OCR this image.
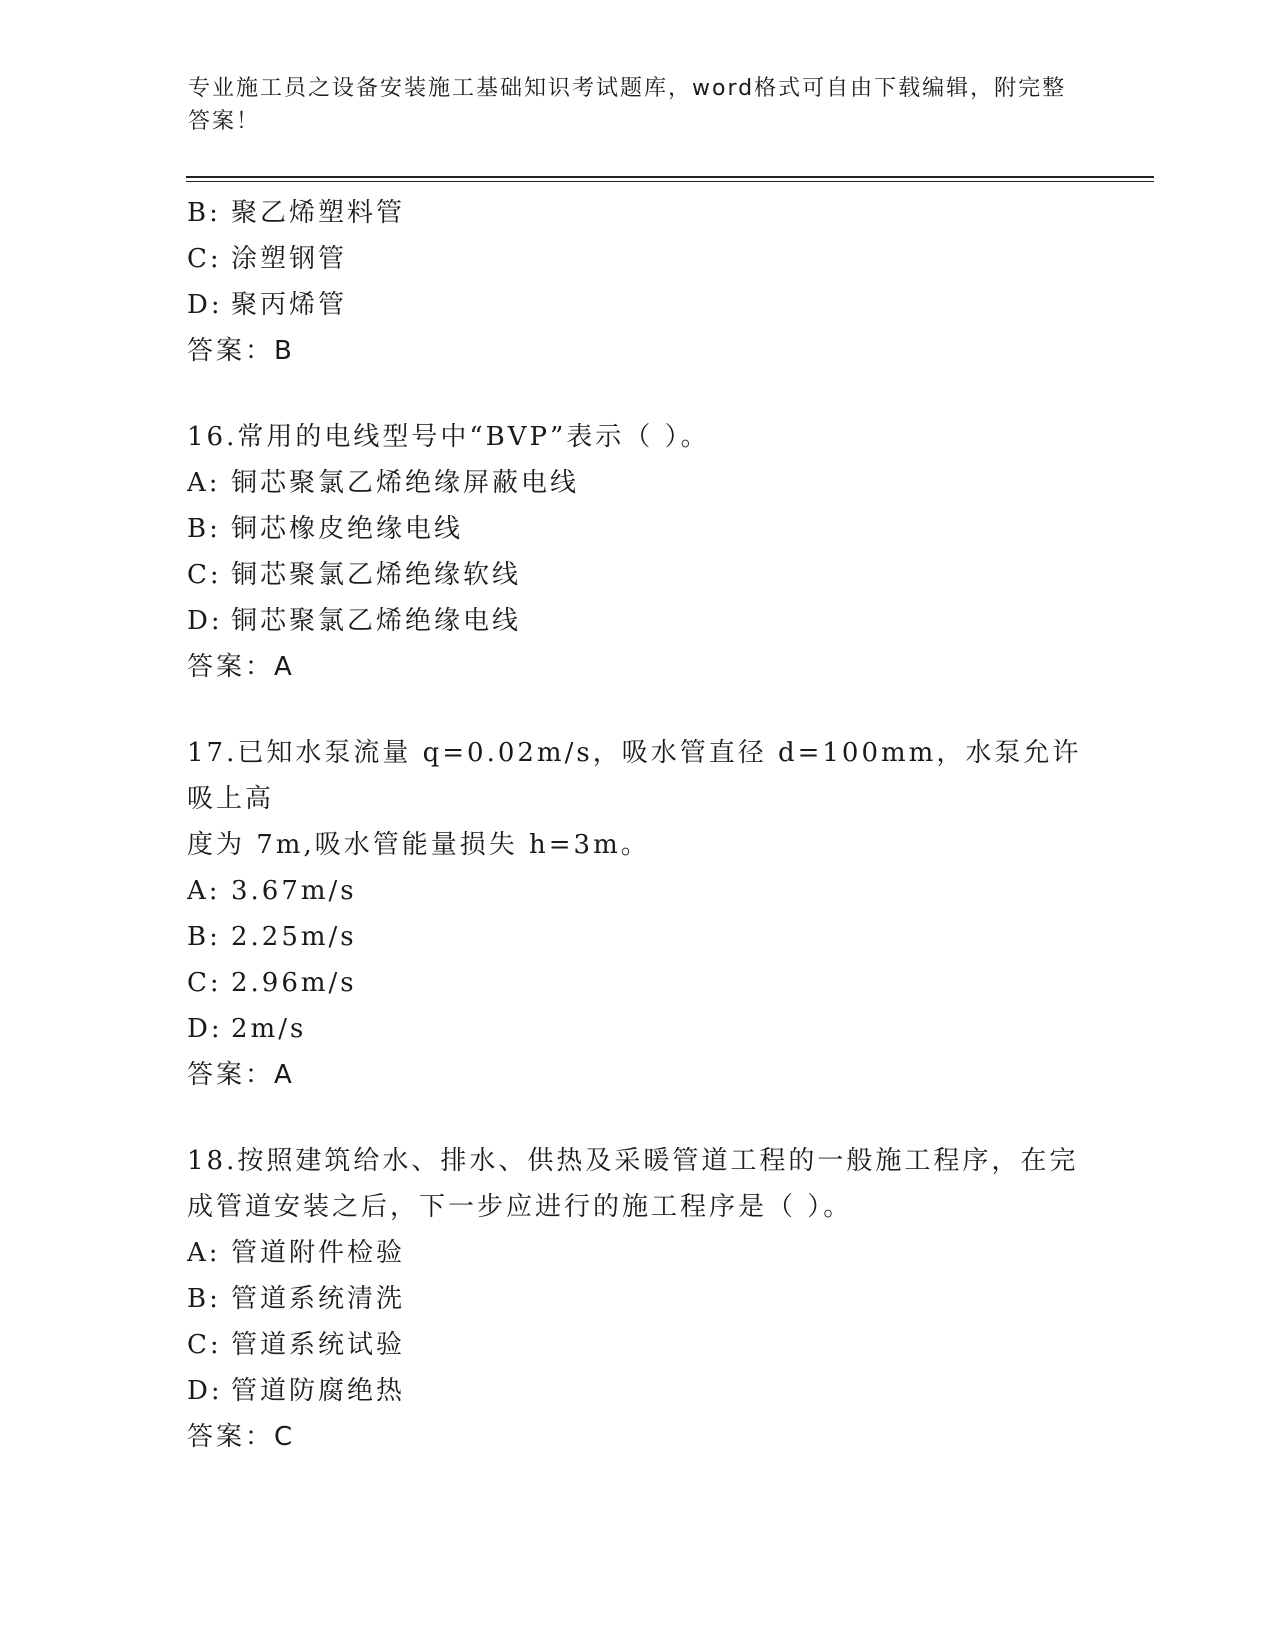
专业施工员之设备安装施工基础知识考试题库，word格式可自由下载编辑，附完整答案！
B: 聚乙烯塑料管
C: 涂塑钢管
D: 聚丙烯管
答案：B
16.常用的电线型号中“BVP”表示（ ）。
A: 铜芯聚氯乙烯绝缘屏蔽电线
B: 铜芯橡皮绝缘电线
C: 铜芯聚氯乙烯绝缘软线
D: 铜芯聚氯乙烯绝缘电线
答案：A
17.已知水泵流量 q=0.02m/s，吸水管直径 d=100mm，水泵允许吸上高
度为 7m,吸水管能量损失 h=3m。
A: 3.67m/s
B: 2.25m/s
C: 2.96m/s
D: 2m/s
答案：A
18.按照建筑给水、排水、供热及采暖管道工程的一般施工程序，在完
成管道安装之后，下一步应进行的施工程序是（ ）。
A: 管道附件检验
B: 管道系统清洗
C: 管道系统试验
D: 管道防腐绝热
答案：C
